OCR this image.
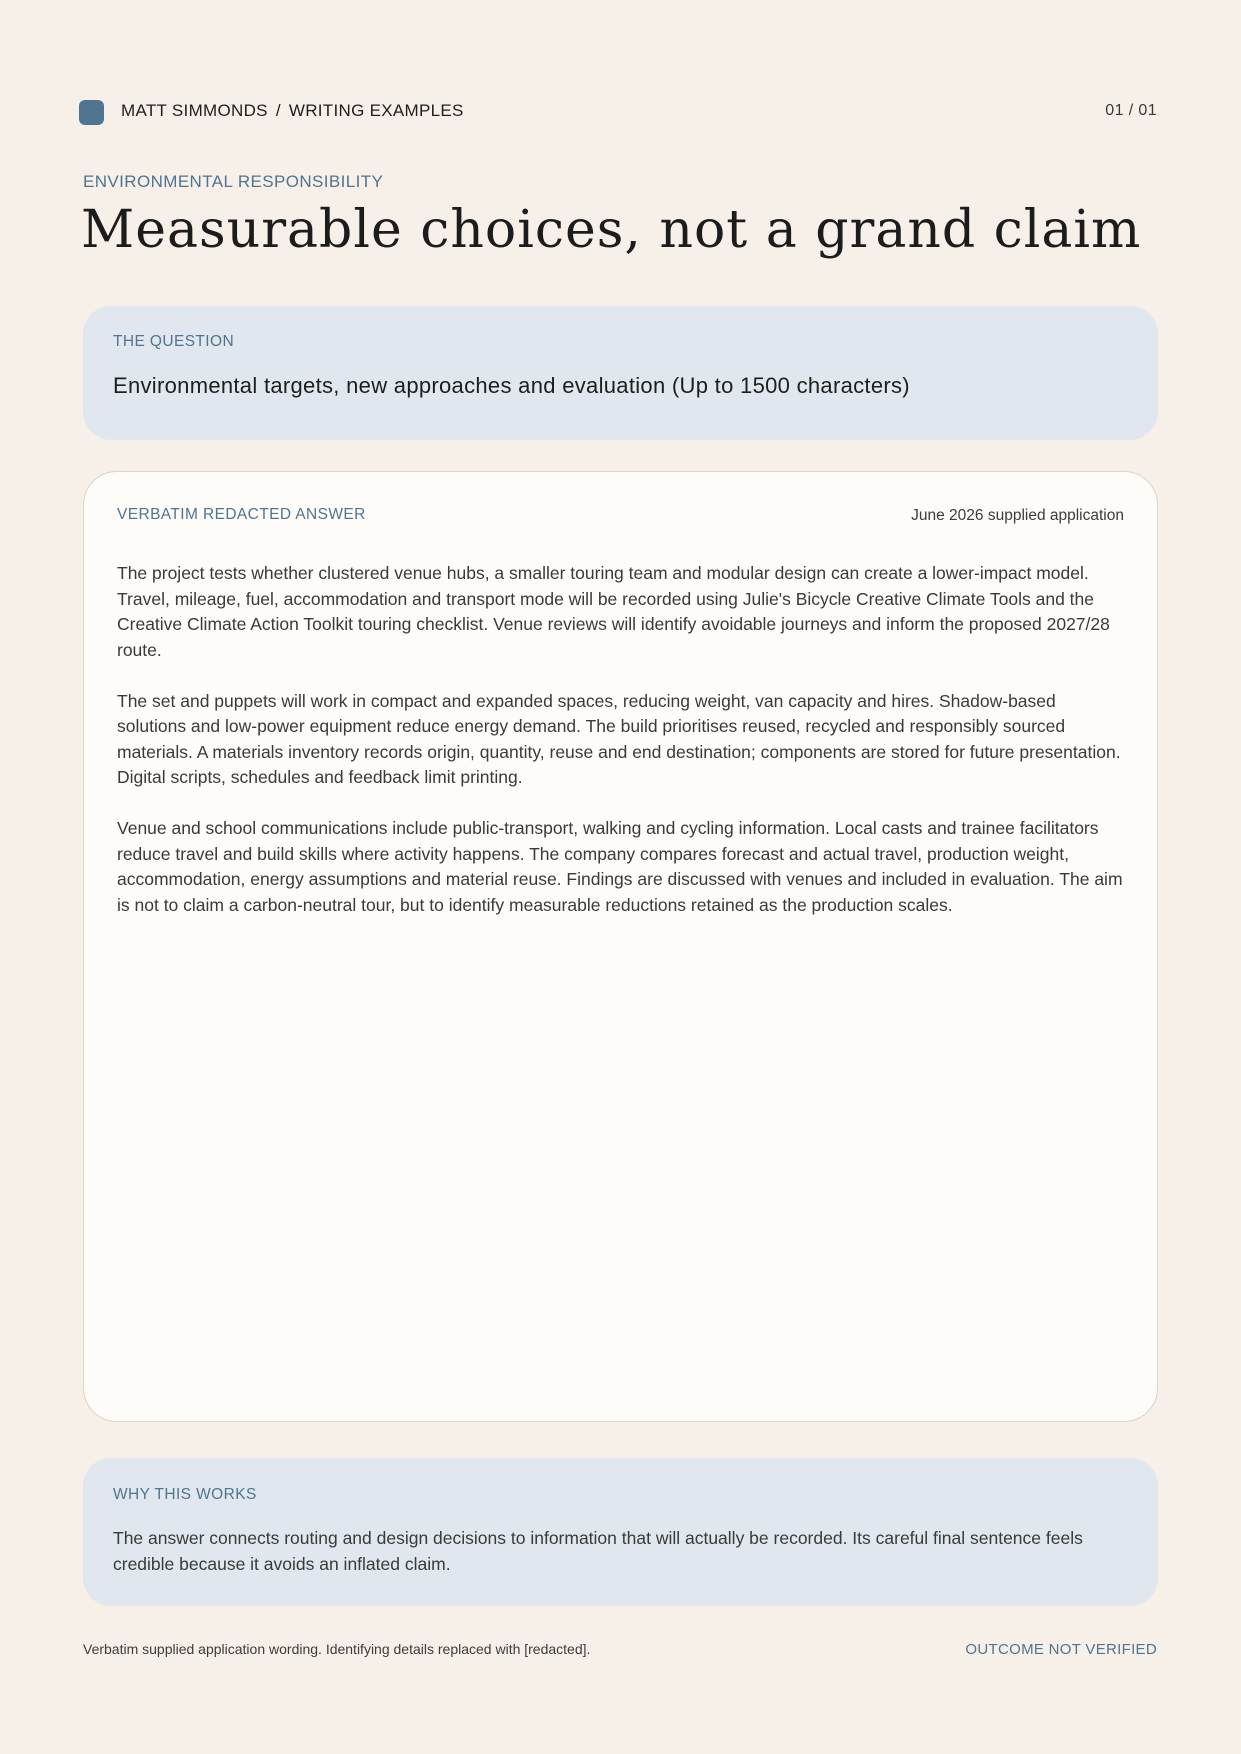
MATT SIMMONDS / WRITING EXAMPLES	01 / 01
ENVIRONMENTAL RESPONSIBILITY
Measurable choices, not a grand claim
THE QUESTION
Environmental targets, new approaches and evaluation (Up to 1500 characters)
VERBATIM REDACTED ANSWER	June 2026 supplied application

The project tests whether clustered venue hubs, a smaller touring team and modular design can create a lower-impact model. Travel, mileage, fuel, accommodation and transport mode will be recorded using Julie's Bicycle Creative Climate Tools and the Creative Climate Action Toolkit touring checklist. Venue reviews will identify avoidable journeys and inform the proposed 2027/28 route.

The set and puppets will work in compact and expanded spaces, reducing weight, van capacity and hires. Shadow-based solutions and low-power equipment reduce energy demand. The build prioritises reused, recycled and responsibly sourced materials. A materials inventory records origin, quantity, reuse and end destination; components are stored for future presentation. Digital scripts, schedules and feedback limit printing.

Venue and school communications include public-transport, walking and cycling information. Local casts and trainee facilitators reduce travel and build skills where activity happens. The company compares forecast and actual travel, production weight, accommodation, energy assumptions and material reuse. Findings are discussed with venues and included in evaluation. The aim is not to claim a carbon-neutral tour, but to identify measurable reductions retained as the production scales.

WHY THIS WORKS
The answer connects routing and design decisions to information that will actually be recorded. Its careful final sentence feels credible because it avoids an inflated claim.
Verbatim supplied application wording. Identifying details replaced with [redacted].	OUTCOME NOT VERIFIED
